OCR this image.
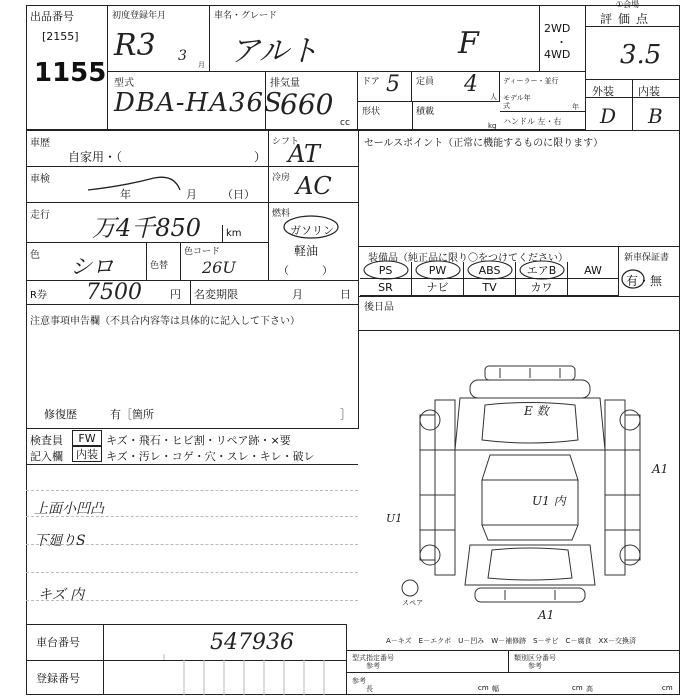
①会場
出品番号
[2155]
1155
初度登録年月
R3 3
月
車名・グレード
アルト	F	2WD
・
4WD
評価点
3.5
型式
DBA-HA36S
排気量
660
cc
ドア 5 定員 4 人
ディーラー・並行
モデル年式	年
形状	積載
kg ハンドル 左・右
外装 内装
D B
車歴
自家用・（	）
車検
年	月 （日）
走行 万4千850 km
色 シロ	色替
色コード
26U
シフト
AT
冷房 AC
燃料
ガソリン
軽油
（　　　）
R券 7500	円 名変期限	月	日
注意事項申告欄（不具合内容等は具体的に記入して下さい）
修復歴	有［箇所	］
検査員
記入欄
FW キズ・飛石・ヒビ割・リペア跡・×要
内装 キズ・汚レ・コゲ・穴・スレ・キレ・破レ
上面小凹凸
下廻りS
キズ 内
セールスポイント（正常に機能するものに限ります）
装備品（純正品に限り〇をつけてください）	新車保証書
有・無
PS	PW	ABS	エアB	AW
SR	ナビ	TV	カワ
後日品
E 数
U1 内
A1
U1
A1
スペア
A－キズ　E－エクボ　U－凹み　W－補修跡　S－サビ　C－腐食　XX－交換済
車台番号	547936
登録番号
型式指定番号
参考
類別区分番号
参考
参考
長	cm 幅	cm 高	cm
